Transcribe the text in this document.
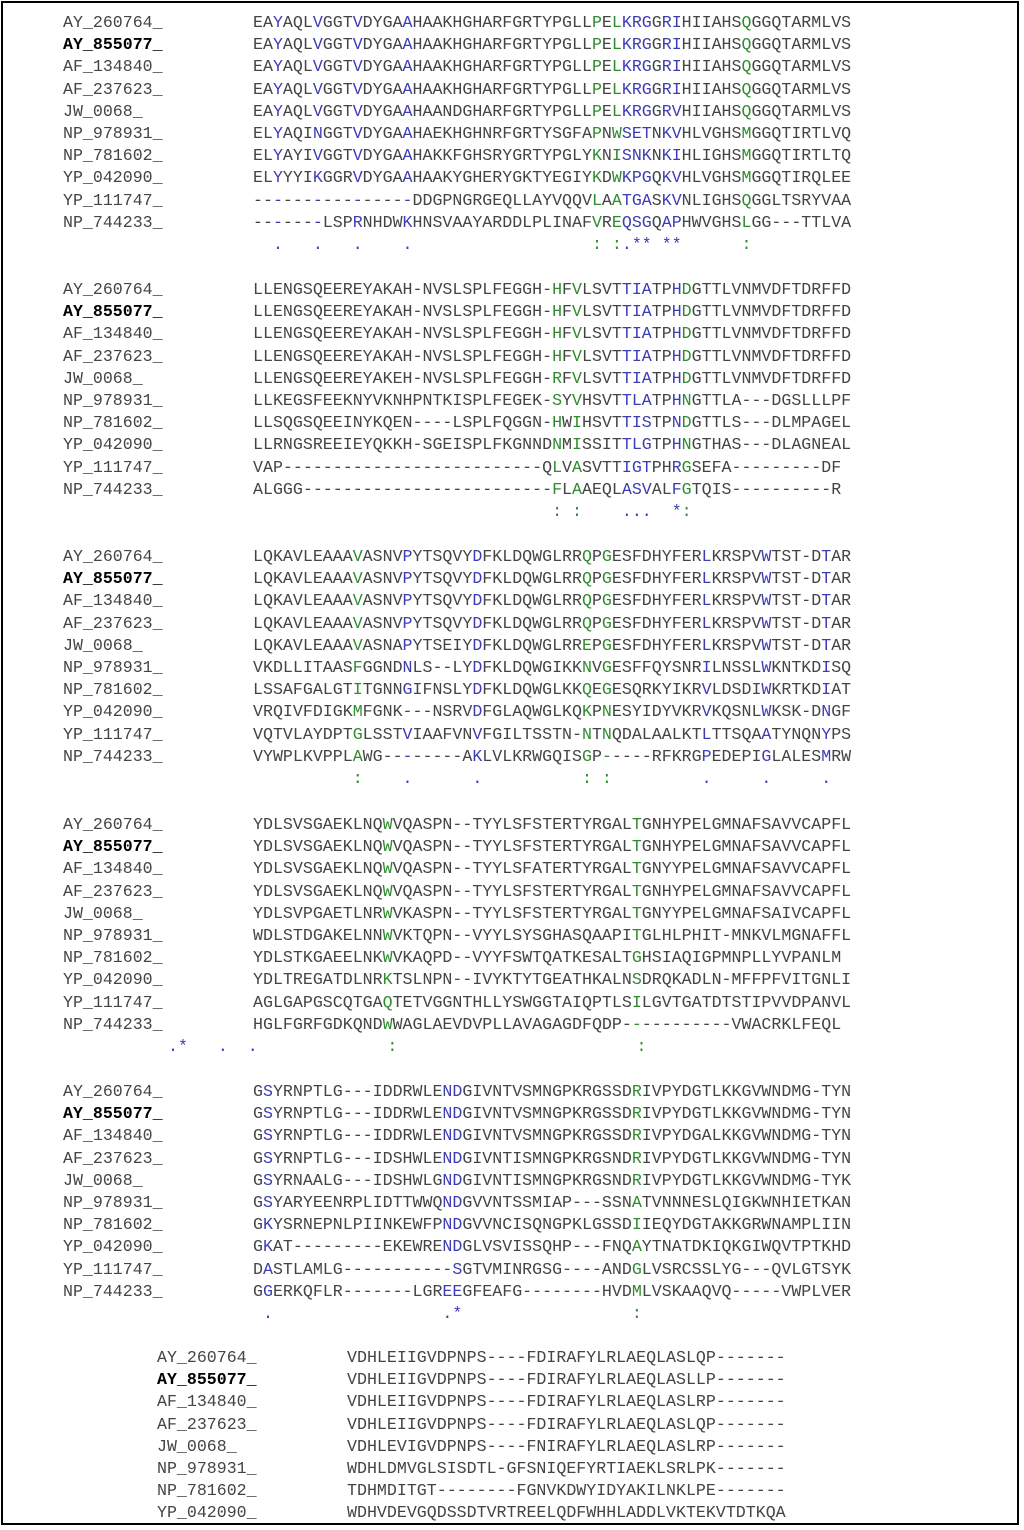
AY_260764_	EAYAQLVGGTVDYGAAHAAKHGHARFGRTYPGLLPELKRGGRIHIIAHSQGGQTARMLVS
AY_855077_	EAYAQLVGGTVDYGAAHAAKHGHARFGRTYPGLLPELKRGGRIHIIAHSQGGQTARMLVS
AF_134840_	EAYAQLVGGTVDYGAAHAAKHGHARFGRTYPGLLPELKRGGRIHIIAHSQGGQTARMLVS
AF_237623_	EAYAQLVGGTVDYGAAHAAKHGHARFGRTYPGLLPELKRGGRIHIIAHSQGGQTARMLVS
JW_0068_	EAYAQLVGGTVDYGAAHAANDGHARFGRTYPGLLPELKRGGRVHIIAHSQGGQTARMLVS
NP_978931_	ELYAQINGGTVDYGAAHAEKHGHNRFGRTYSGFAPNWSETNKVHLVGHSMGGQTIRTLVQ
NP_781602_	ELYAYIVGGTVDYGAAHAKKFGHSRYGRTYPGLYKNISNKNKIHLIGHSMGGQTIRTLTQ
YP_042090_	ELYYYIKGGRVDYGAAHAAKYGHERYGKTYEGIYKDWKPGQKVHLVGHSMGGQTIRQLEE
YP_111747_	----------------DDGPNGRGEQLLAYVQQVLAATGASKVNLIGHSQGGLTSRYVAA
NP_744233_	-------LSPRNHDWKHNSVAAYARDDLPLINAFVREQSGQAPHWVGHSLGG---TTLVA
. . . .	: :.** **	:
AY_260764_	LLENGSQEEREYAKAH-NVSLSPLFEGGH-HFVLSVTTIATPHDGTTLVNMVDFTDRFFD
AY_855077_	LLENGSQEEREYAKAH-NVSLSPLFEGGH-HFVLSVTTIATPHDGTTLVNMVDFTDRFFD
AF_134840_	LLENGSQEEREYAKAH-NVSLSPLFEGGH-HFVLSVTTIATPHDGTTLVNMVDFTDRFFD
AF_237623_	LLENGSQEEREYAKAH-NVSLSPLFEGGH-HFVLSVTTIATPHDGTTLVNMVDFTDRFFD
JW_0068_	LLENGSQEEREYAKEH-NVSLSPLFEGGH-RFVLSVTTIATPHDGTTLVNMVDFTDRFFD
NP_978931_	LLKEGSFEEKNYVKNHPNTKISPLFEGEK-SYVHSVTTLATPHNGTTLA---DGSLLLPF
NP_781602_	LLSQGSQEEINYKQEN----LSPLFQGGN-HWIHSVTTISTPNDGTTLS---DLMPAGEL
YP_042090_	LLRNGSREEIEYQKKH-SGEISPLFKGNNDNMISSITTLGTPHNGTHAS---DLAGNEAL
YP_111747_	VAP--------------------------QLVASVTTIGTPHRGSEFA---------DF
NP_744233_	ALGGG-------------------------FLAAEQLASVALFGTQIS----------R
: : ... *:
AY_260764_	LQKAVLEAAAVASNVPYTSQVYDFKLDQWGLRRQPGESFDHYFERLKRSPVWTST-DTAR
AY_855077_	LQKAVLEAAAVASNVPYTSQVYDFKLDQWGLRRQPGESFDHYFERLKRSPVWTST-DTAR
AF_134840_	LQKAVLEAAAVASNVPYTSQVYDFKLDQWGLRRQPGESFDHYFERLKRSPVWTST-DTAR
AF_237623_	LQKAVLEAAAVASNVPYTSQVYDFKLDQWGLRRQPGESFDHYFERLKRSPVWTST-DTAR
JW_0068_	LQKAVLEAAAVASNAPYTSEIYDFKLDQWGLRREPGESFDHYFERLKRSPVWTST-DTAR
NP_978931_	VKDLLITAASFGGNDNLS--LYDFKLDQWGIKKNVGESFFQYSNRILNSSLWKNTKDISQ
NP_781602_	LSSAFGALGTITGNNGIFNSLYDFKLDQWGLKKQEGESQRKYIKRVLDSDIWKRTKDIAT
YP_042090_	VRQIVFDIGKMFGNK---NSRVDFGLAQWGLKQKPNESYIDYVKRVKQSNLWKSK-DNGF
YP_111747_	VQTVLAYDPTGLSSTVIAAFVNVFGILTSSTN-NTNQDALAALKTLTTSQAATYNQNYPS
NP_744233_	VYWPLKVPPLAWG--------AKLVLKRWGQISGP-----RFKRGPEDEPIGLALESMRW
: .	.	: :	.	.	.
AY_260764_	YDLSVSGAEKLNQWVQASPN--TYYLSFSTERTYRGALTGNHYPELGMNAFSAVVCAPFL
AY_855077_	YDLSVSGAEKLNQWVQASPN--TYYLSFSTERTYRGALTGNHYPELGMNAFSAVVCAPFL
AF_134840_	YDLSVSGAEKLNQWVQASPN--TYYLSFATERTYRGALTGNYYPELGMNAFSAVVCAPFL
AF_237623_	YDLSVSGAEKLNQWVQASPN--TYYLSFSTERTYRGALTGNHYPELGMNAFSAVVCAPFL
JW_0068_	YDLSVPGAETLNRWVKASPN--TYYLSFSTERTYRGALTGNYYPELGMNAFSAIVCAPFL
NP_978931_	WDLSTDGAKELNNWVKTQPN--VYYLSYSGHASQAAPITGLHLPHIT-MNKVLMGNAFFL
NP_781602_	YDLSTKGAEELNKWVKAQPD--VYYFSWTQATKESALTGHSIAQIGPMNPLLYVPANLM
YP_042090_	YDLTREGATDLNRKTSLNPN--IVYKTYTGEATHKALNSDRQKADLN-MFFPFVITGNLI
YP_111747_	AGLGAPGSCQTGAQTETVGGNTHLLYSWGGTAIQPTLSILGVTGATDTSTIPVVDPANVL
NP_744233_	HGLFGRFGDKQNDWWAGLAEVDVPLLAVAGAGDFQDP-----------VWACRKLFEQL
.* . .	:	:
AY_260764_	GSYRNPTLG---IDDRWLENDGIVNTVSMNGPKRGSSDRIVPYDGTLKKGVWNDMG-TYN
AY_855077_	GSYRNPTLG---IDDRWLENDGIVNTVSMNGPKRGSSDRIVPYDGTLKKGVWNDMG-TYN
AF_134840_	GSYRNPTLG---IDDRWLENDGIVNTVSMNGPKRGSSDRIVPYDGALKKGVWNDMG-TYN
AF_237623_	GSYRNPTLG---IDSHWLENDGIVNTISMNGPKRGSNDRIVPYDGTLKKGVWNDMG-TYN
JW_0068_	GSYRNAALG---IDSHWLGNDGIVNTISMNGPKRGSNDRIVPYDGTLKKGVWNDMG-TYK
NP_978931_	GSYARYEENRPLIDTTWWQNDGVVNTSSMIAP---SSNATVNNNESLQIGKWNHIETKAN
NP_781602_	GKYSRNEPNLPIINKEWFPNDGVVNCISQNGPKLGSSDIIEQYDGTAKKGRWNAMPLIIN
YP_042090_	GKAT---------EKEWRENDGLVSVISSQHP---FNQAYTNATDKIQKGIWQVTPTKHD
YP_111747_	DASTLAMLG-----------SGTVMINRGSG----ANDGLVSRCSSLYG---QVLGTSYK
NP_744233_	GGERKQFLR-------LGREEGFEAFG--------HVDMLVSKAAQVQ-----VWPLVER
.	.*	:
AY_260764_	VDHLEIIGVDPNPS----FDIRAFYLRLAEQLASLQP-------
AY_855077_	VDHLEIIGVDPNPS----FDIRAFYLRLAEQLASLLP-------
AF_134840_	VDHLEIIGVDPNPS----FDIRAFYLRLAEQLASLRP-------
AF_237623_	VDHLEIIGVDPNPS----FDIRAFYLRLAEQLASLQP-------
JW_0068_	VDHLEVIGVDPNPS----FNIRAFYLRLAEQLASLRP-------
NP_978931_	WDHLDMVGLSISDTL-GFSNIQEFYRTIAEKLSRLPK-------
NP_781602_	TDHMDITGT--------FGNVKDWYIDYAKILNKLPE-------
YP_042090_	WDHVDEVGQDSSDTVRTREELQDFWHHLADDLVKTEKVTDTKQA
